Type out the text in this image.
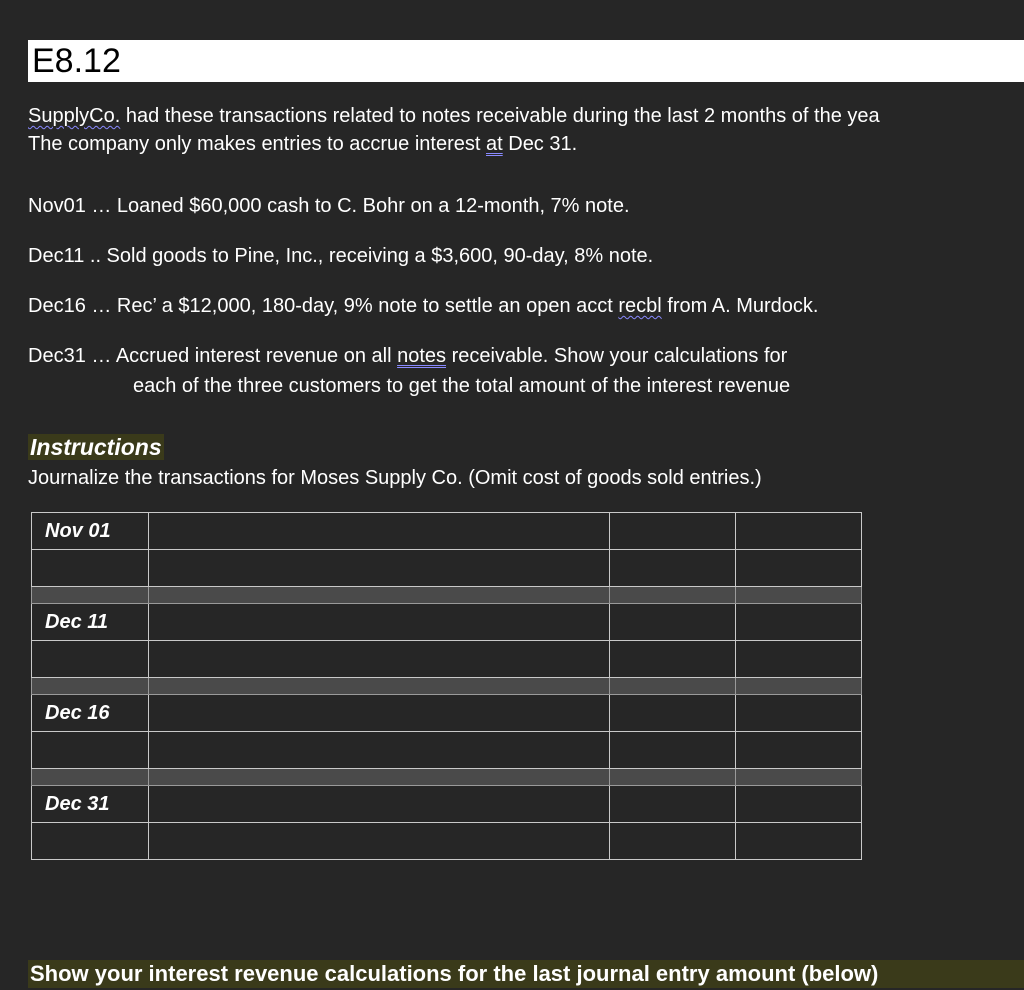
E8.12
SupplyCo. had these transactions related to notes receivable during the last 2 months of the yea
The company only makes entries to accrue interest at Dec 31.
Nov01 … Loaned $60,000 cash to C. Bohr on a 12-month, 7% note.
Dec11 .. Sold goods to Pine, Inc., receiving a $3,600, 90-day, 8% note.
Dec16 … Rec’ a $12,000, 180-day, 9% note to settle an open acct recbl from A. Murdock.
Dec31 … Accrued interest revenue on all notes receivable. Show your calculations for
each of the three customers to get the total amount of the interest revenue
Instructions
Journalize the transactions for Moses Supply Co. (Omit cost of goods sold entries.)
Nov 01			

Dec 11			

Dec 16			

Dec 31			

Show your interest revenue calculations for the last journal entry amount (below)
